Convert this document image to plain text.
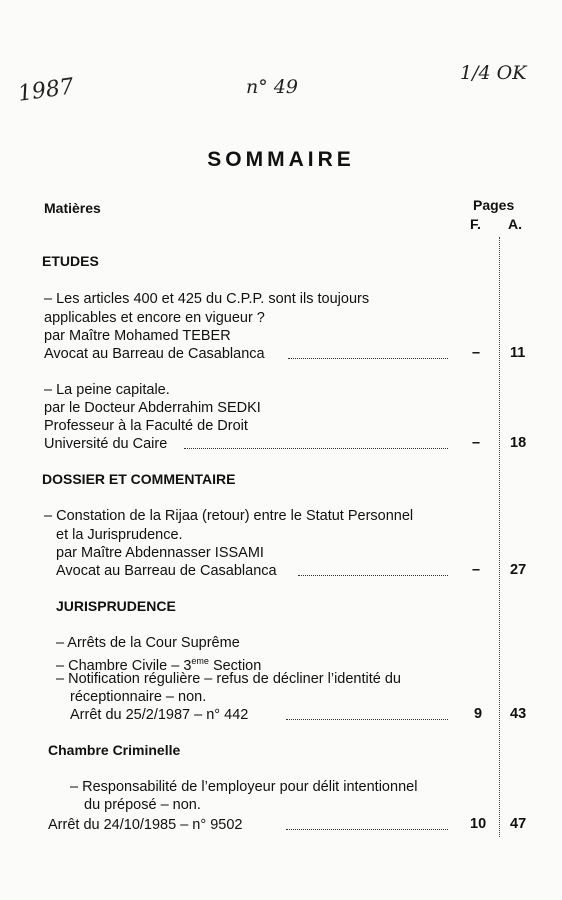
1987	n° 49
1/4 OK
SOMMAIRE
Matières	Pages
F. A.
ETUDES
– Les articles 400 et 425 du C.P.P. sont ils toujours
applicables et encore en vigueur ?
par Maître Mohamed TEBER
Avocat au Barreau de Casablanca	– 11
– La peine capitale.
par le Docteur Abderrahim SEDKI
Professeur à la Faculté de Droit
Université du Caire	– 18
DOSSIER ET COMMENTAIRE
– Constation de la Rijaa (retour) entre le Statut Personnel
et la Jurisprudence.
par Maître Abdennasser ISSAMI
Avocat au Barreau de Casablanca	– 27
JURISPRUDENCE
– Arrêts de la Cour Suprême
– Chambre Civile – 3eme Section
– Notification régulière – refus de décliner l’identité du
réceptionnaire – non.
Arrêt du 25/2/1987 – n° 442	9 43
Chambre Criminelle
– Responsabilité de l’employeur pour délit intentionnel
du préposé – non.
Arrêt du 24/10/1985 – n° 9502	10 47
